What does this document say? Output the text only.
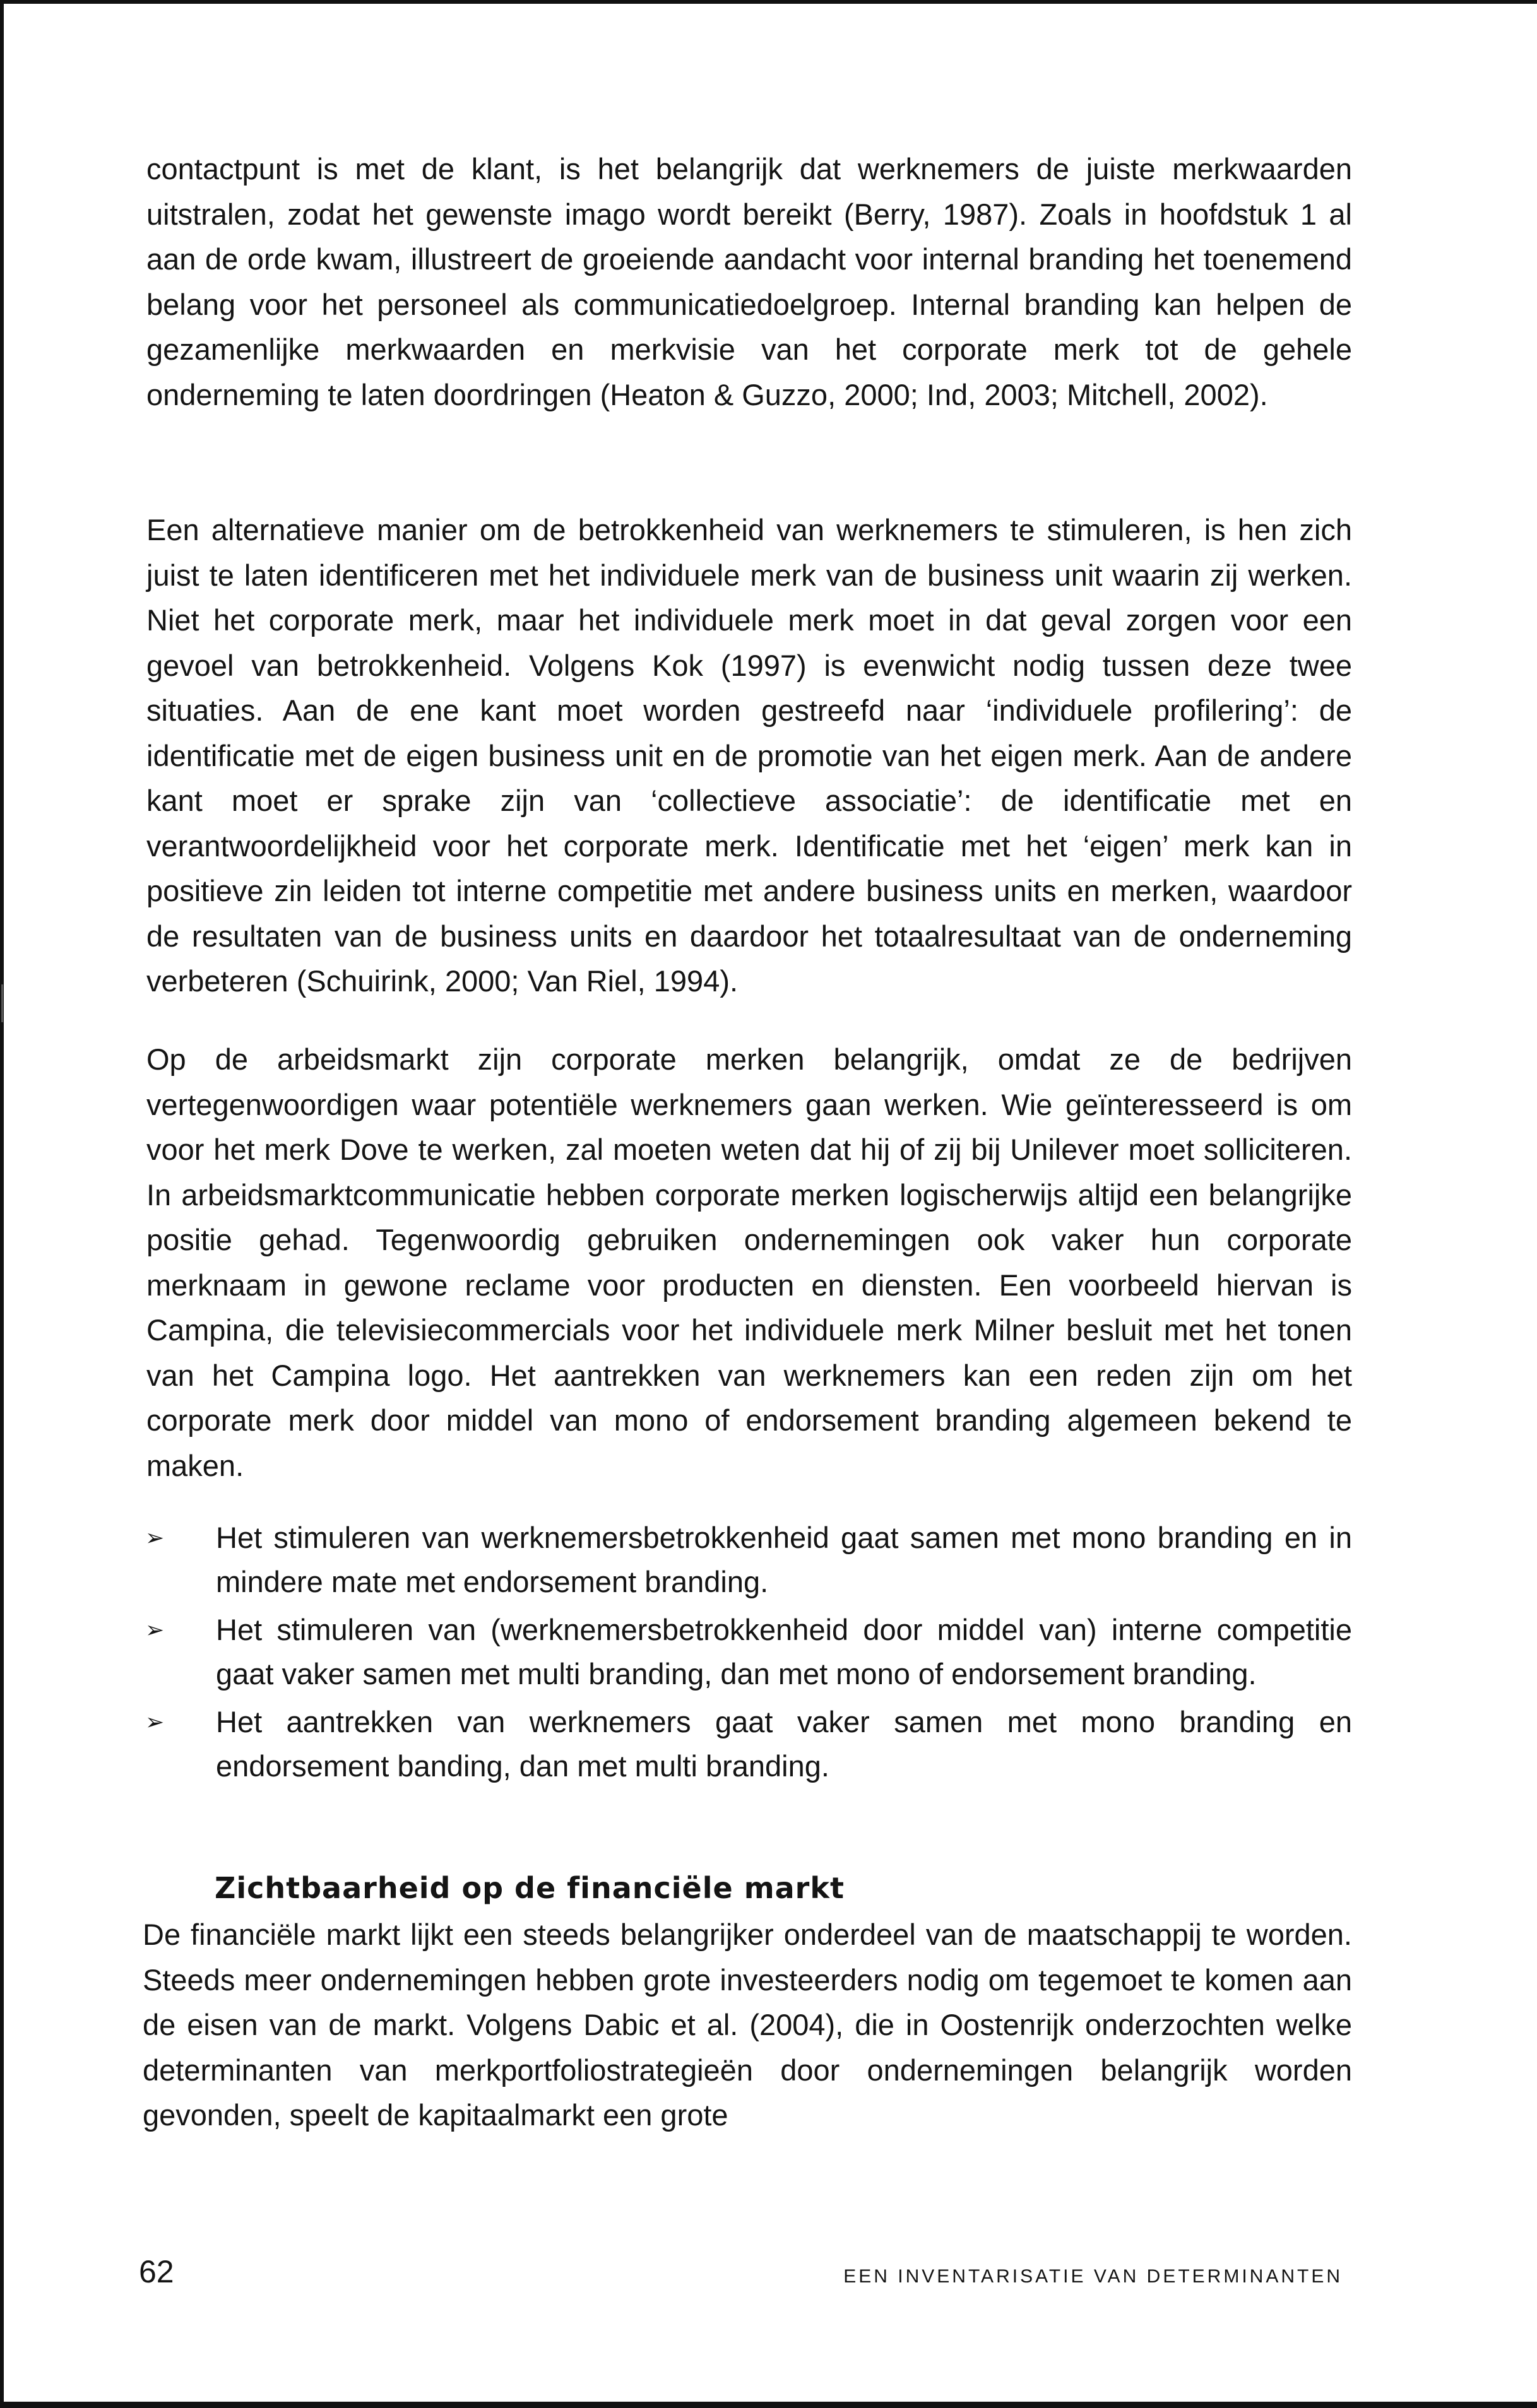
contactpunt is met de klant, is het belangrijk dat werknemers de juiste merkwaarden uitstralen, zodat het gewenste imago wordt bereikt (Berry, 1987). Zoals in hoofdstuk 1 al aan de orde kwam, illustreert de groeiende aandacht voor internal branding het toenemend belang voor het personeel als communicatiedoelgroep. Internal branding kan helpen de gezamenlijke merkwaarden en merkvisie van het corporate merk tot de gehele onderneming te laten doordringen (Heaton & Guzzo, 2000; Ind, 2003; Mitchell, 2002).

Een alternatieve manier om de betrokkenheid van werknemers te stimuleren, is hen zich juist te laten identificeren met het individuele merk van de business unit waarin zij werken. Niet het corporate merk, maar het individuele merk moet in dat geval zorgen voor een gevoel van betrokkenheid. Volgens Kok (1997) is evenwicht nodig tussen deze twee situaties. Aan de ene kant moet worden gestreefd naar ‘individuele profilering’: de identificatie met de eigen business unit en de promotie van het eigen merk. Aan de andere kant moet er sprake zijn van ‘collectieve associatie’: de identificatie met en verantwoordelijkheid voor het corporate merk. Identificatie met het ‘eigen’ merk kan in positieve zin leiden tot interne competitie met andere business units en merken, waardoor de resultaten van de business units en daardoor het totaalresultaat van de onderneming verbeteren (Schuirink, 2000; Van Riel, 1994).

Op de arbeidsmarkt zijn corporate merken belangrijk, omdat ze de bedrijven vertegenwoordigen waar potentiële werknemers gaan werken. Wie geïnteresseerd is om voor het merk Dove te werken, zal moeten weten dat hij of zij bij Unilever moet solliciteren. In arbeidsmarktcommunicatie hebben corporate merken logischerwijs altijd een belangrijke positie gehad. Tegenwoordig gebruiken ondernemingen ook vaker hun corporate merknaam in gewone reclame voor producten en diensten. Een voorbeeld hiervan is Campina, die televisiecommercials voor het individuele merk Milner besluit met het tonen van het Campina logo. Het aantrekken van werknemers kan een reden zijn om het corporate merk door middel van mono of endorsement branding algemeen bekend te maken.

➢ Het stimuleren van werknemersbetrokkenheid gaat samen met mono branding en in mindere mate met endorsement branding.
➢ Het stimuleren van (werknemersbetrokkenheid door middel van) interne competitie gaat vaker samen met multi branding, dan met mono of endorsement branding.
➢ Het aantrekken van werknemers gaat vaker samen met mono branding en endorsement banding, dan met multi branding.
Zichtbaarheid op de financiële markt

De financiële markt lijkt een steeds belangrijker onderdeel van de maatschappij te worden. Steeds meer ondernemingen hebben grote investeerders nodig om tegemoet te komen aan de eisen van de markt. Volgens Dabic et al. (2004), die in Oostenrijk onderzochten welke determinanten van merkportfoliostrategieën door ondernemingen belangrijk worden gevonden, speelt de kapitaalmarkt een grote

62	EEN INVENTARISATIE VAN DETERMINANTEN
